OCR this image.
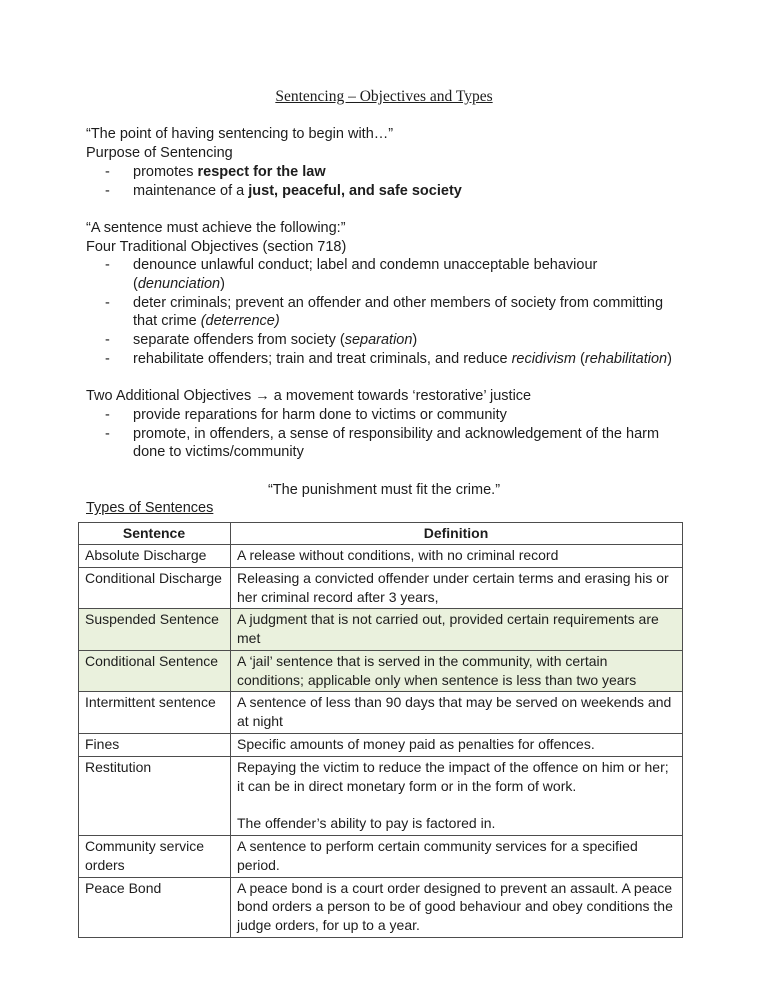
Sentencing – Objectives and Types
“The point of having sentencing to begin with…”
Purpose of Sentencing
-	promotes respect for the law
-	maintenance of a just, peaceful, and safe society
“A sentence must achieve the following:”
Four Traditional Objectives (section 718)
-	denounce unlawful conduct; label and condemn unacceptable behaviour (denunciation)
-	deter criminals; prevent an offender and other members of society from committing that crime (deterrence)
-	separate offenders from society (separation)
-	rehabilitate offenders; train and treat criminals, and reduce recidivism (rehabilitation)
Two Additional Objectives → a movement towards ‘restorative’ justice
-	provide reparations for harm done to victims or community
-	promote, in offenders, a sense of responsibility and acknowledgement of the harm done to victims/community
“The punishment must fit the crime.”
Types of Sentences
Sentence	Definition
Absolute Discharge	A release without conditions, with no criminal record
Conditional Discharge	Releasing a convicted offender under certain terms and erasing his or her criminal record after 3 years,
Suspended Sentence	A judgment that is not carried out, provided certain requirements are met
Conditional Sentence	A ‘jail’ sentence that is served in the community, with certain conditions; applicable only when sentence is less than two years
Intermittent sentence	A sentence of less than 90 days that may be served on weekends and at night
Fines	Specific amounts of money paid as penalties for offences.
Restitution	Repaying the victim to reduce the impact of the offence on him or her; it can be in direct monetary form or in the form of work.
The offender’s ability to pay is factored in.

Community service orders	A sentence to perform certain community services for a specified period.
Peace Bond	A peace bond is a court order designed to prevent an assault. A peace bond orders a person to be of good behaviour and obey conditions the judge orders, for up to a year.
